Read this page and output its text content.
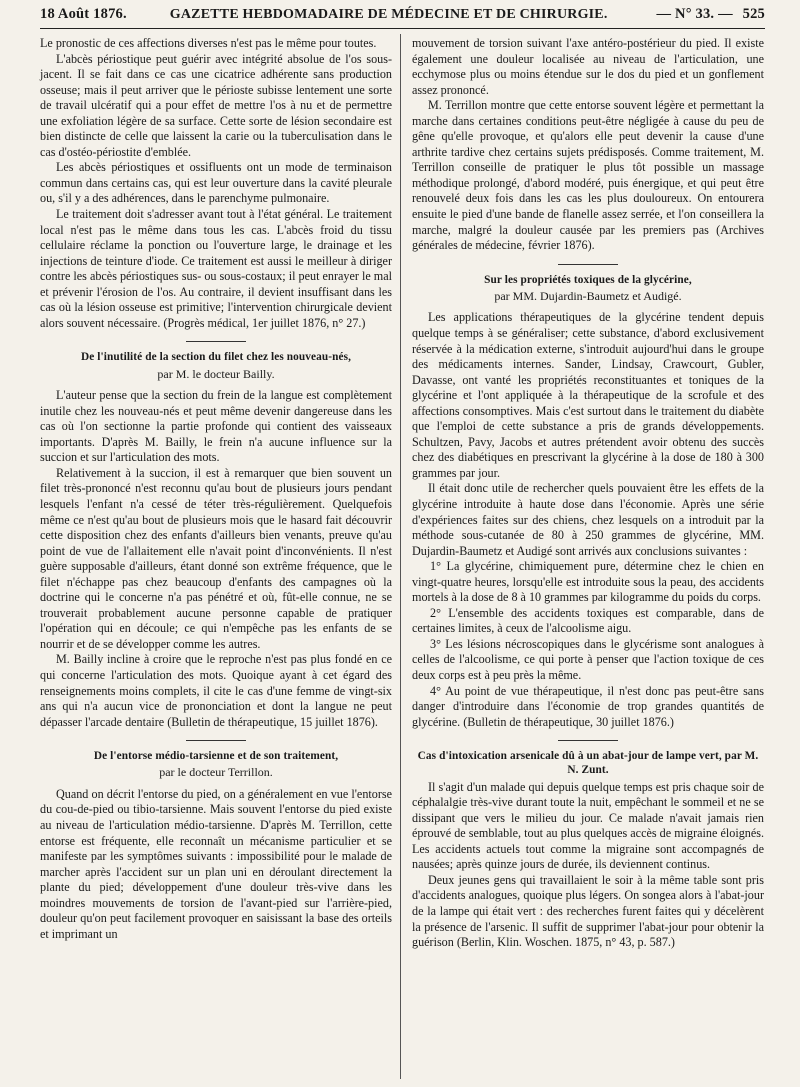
18 Août 1876.	GAZETTE HEBDOMADAIRE DE MÉDECINE ET DE CHIRURGIE.	— N° 33. — 525

Le pronostic de ces affections diverses n'est pas le même pour toutes.

L'abcès périostique peut guérir avec intégrité absolue de l'os sous-jacent. Il se fait dans ce cas une cicatrice adhérente sans production osseuse; mais il peut arriver que le périoste subisse lentement une sorte de travail ulcératif qui a pour effet de mettre l'os à nu et de permettre une exfoliation légère de sa surface. Cette sorte de lésion secondaire est bien distincte de celle que laissent la carie ou la tuberculisation dans le cas d'ostéo-périostite d'emblée.

Les abcès périostiques et ossifluents ont un mode de terminaison commun dans certains cas, qui est leur ouverture dans la cavité pleurale ou, s'il y a des adhérences, dans le parenchyme pulmonaire.

Le traitement doit s'adresser avant tout à l'état général. Le traitement local n'est pas le même dans tous les cas. L'abcès froid du tissu cellulaire réclame la ponction ou l'ouverture large, le drainage et les injections de teinture d'iode. Ce traitement est aussi le meilleur à diriger contre les abcès périostiques sus- ou sous-costaux; il peut enrayer le mal et prévenir l'érosion de l'os. Au contraire, il devient insuffisant dans les cas où la lésion osseuse est primitive; l'intervention chirurgicale devient alors souvent nécessaire. (Progrès médical, 1er juillet 1876, n° 27.)

De l'inutilité de la section du filet chez les nouveau-nés,
par M. le docteur Bailly.

L'auteur pense que la section du frein de la langue est complètement inutile chez les nouveau-nés et peut même devenir dangereuse dans les cas où l'on sectionne la partie profonde qui contient des vaisseaux importants. D'après M. Bailly, le frein n'a aucune influence sur la succion et sur l'articulation des mots.

Relativement à la succion, il est à remarquer que bien souvent un filet très-prononcé n'est reconnu qu'au bout de plusieurs jours pendant lesquels l'enfant n'a cessé de téter très-régulièrement. Quelquefois même ce n'est qu'au bout de plusieurs mois que le hasard fait découvrir cette disposition chez des enfants d'ailleurs bien venants, preuve qu'au point de vue de l'allaitement elle n'avait point d'inconvénients. Il n'est guère supposable d'ailleurs, étant donné son extrême fréquence, que le filet n'échappe pas chez beaucoup d'enfants des campagnes où la doctrine qui le concerne n'a pas pénétré et où, fût-elle connue, ne se trouverait probablement aucune personne capable de pratiquer l'opération qui en découle; ce qui n'empêche pas les enfants de se nourrir et de se développer comme les autres.

M. Bailly incline à croire que le reproche n'est pas plus fondé en ce qui concerne l'articulation des mots. Quoique ayant à cet égard des renseignements moins complets, il cite le cas d'une femme de vingt-six ans qui n'a aucun vice de prononciation et dont la langue ne peut dépasser l'arcade dentaire (Bulletin de thérapeutique, 15 juillet 1876).

De l'entorse médio-tarsienne et de son traitement,
par le docteur Terrillon.

Quand on décrit l'entorse du pied, on a généralement en vue l'entorse du cou-de-pied ou tibio-tarsienne. Mais souvent l'entorse du pied existe au niveau de l'articulation médio-tarsienne. D'après M. Terrillon, cette entorse est fréquente, elle reconnaît un mécanisme particulier et se manifeste par les symptômes suivants : impossibilité pour le malade de marcher après l'accident sur un plan uni en déroulant directement la plante du pied; développement d'une douleur très-vive dans les moindres mouvements de torsion de l'avant-pied sur l'arrière-pied, douleur qu'on peut facilement provoquer en saisissant la base des orteils et imprimant un

mouvement de torsion suivant l'axe antéro-postérieur du pied. Il existe également une douleur localisée au niveau de l'articulation, une ecchymose plus ou moins étendue sur le dos du pied et un gonflement assez prononcé.

M. Terrillon montre que cette entorse souvent légère et permettant la marche dans certaines conditions peut-être négligée à cause du peu de gêne qu'elle provoque, et qu'alors elle peut devenir la cause d'une arthrite tardive chez certains sujets prédisposés. Comme traitement, M. Terrillon conseille de pratiquer le plus tôt possible un massage méthodique prolongé, d'abord modéré, puis énergique, et qui peut être renouvelé deux fois dans les cas les plus douloureux. On entourera ensuite le pied d'une bande de flanelle assez serrée, et l'on conseillera la marche, malgré la douleur causée par les premiers pas (Archives générales de médecine, février 1876).

Sur les propriétés toxiques de la glycérine,
par MM. Dujardin-Baumetz et Audigé.

Les applications thérapeutiques de la glycérine tendent depuis quelque temps à se généraliser; cette substance, d'abord exclusivement réservée à la médication externe, s'introduit aujourd'hui dans le groupe des médicaments internes. Sander, Lindsay, Crawcourt, Gubler, Davasse, ont vanté les propriétés reconstituantes et toniques de la glycérine et l'ont appliquée à la thérapeutique de la scrofule et des affections consomptives. Mais c'est surtout dans le traitement du diabète que l'emploi de cette substance a pris de grands développements. Schultzen, Pavy, Jacobs et autres prétendent avoir obtenu des succès chez des diabétiques en prescrivant la glycérine à la dose de 180 à 300 grammes par jour.

Il était donc utile de rechercher quels pouvaient être les effets de la glycérine introduite à haute dose dans l'économie. Après une série d'expériences faites sur des chiens, chez lesquels on a introduit par la méthode sous-cutanée de 80 à 250 grammes de glycérine, MM. Dujardin-Baumetz et Audigé sont arrivés aux conclusions suivantes :

1° La glycérine, chimiquement pure, détermine chez le chien en vingt-quatre heures, lorsqu'elle est introduite sous la peau, des accidents mortels à la dose de 8 à 10 grammes par kilogramme du poids du corps.

2° L'ensemble des accidents toxiques est comparable, dans de certaines limites, à ceux de l'alcoolisme aigu.

3° Les lésions nécroscopiques dans le glycérisme sont analogues à celles de l'alcoolisme, ce qui porte à penser que l'action toxique de ces deux corps est à peu près la même.

4° Au point de vue thérapeutique, il n'est donc pas peut-être sans danger d'introduire dans l'économie de trop grandes quantités de glycérine. (Bulletin de thérapeutique, 30 juillet 1876.)

Cas d'intoxication arsenicale dû à un abat-jour de lampe vert, par M. N. Zunt.

Il s'agit d'un malade qui depuis quelque temps est pris chaque soir de céphalalgie très-vive durant toute la nuit, empêchant le sommeil et ne se dissipant que vers le milieu du jour. Ce malade n'avait jamais rien éprouvé de semblable, tout au plus quelques accès de migraine éloignés. Les accidents actuels tout comme la migraine sont accompagnés de nausées; après quinze jours de durée, ils deviennent continus.

Deux jeunes gens qui travaillaient le soir à la même table sont pris d'accidents analogues, quoique plus légers. On songea alors à l'abat-jour de la lampe qui était vert : des recherches furent faites qui y décelèrent la présence de l'arsenic. Il suffit de supprimer l'abat-jour pour obtenir la guérison (Berlin, Klin. Woschen. 1875, n° 43, p. 587.)
